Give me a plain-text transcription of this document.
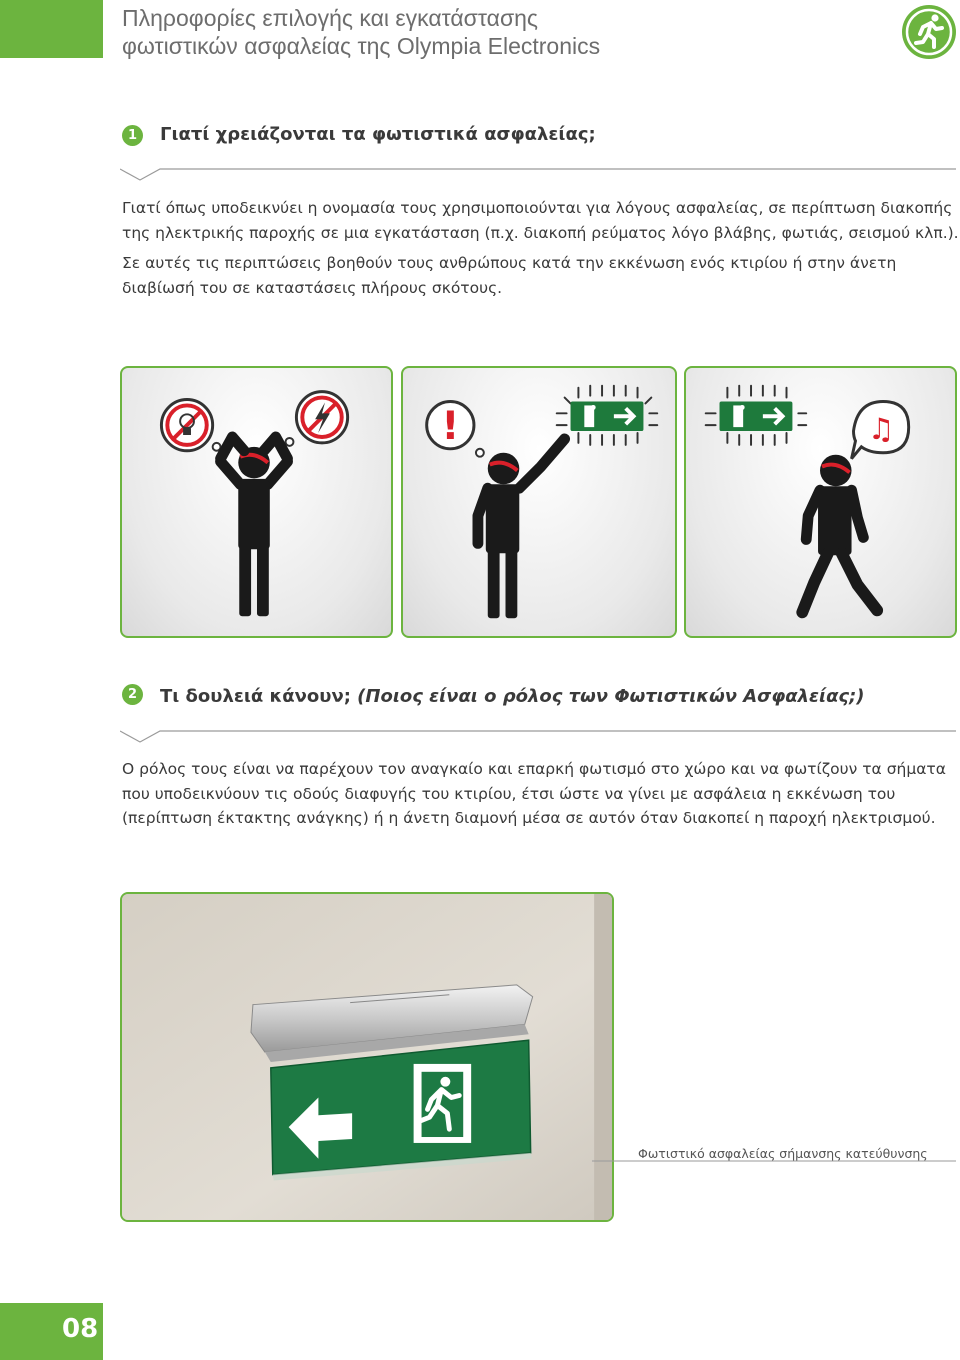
Πληροφορίες επιλογής και εγκατάστασης
φωτιστικών ασφαλείας της Olympia Electronics
1	Γιατί χρειάζονται τα φωτιστικά ασφαλείας;

Γιατί όπως υποδεικνύει η ονομασία τους χρησιμοποιούνται για λόγους ασφαλείας, σε περίπτωση διακοπής της ηλεκτρικής παροχής σε μια εγκατάσταση (π.χ. διακοπή ρεύματος λόγο βλάβης, φωτιάς, σεισμού κλπ.).

Σε αυτές τις περιπτώσεις βοηθούν τους ανθρώπους κατά την εκκένωση ενός κτιρίου ή στην άνετη διαβίωσή του σε καταστάσεις πλήρους σκότους.

!	♫
2	Τι δουλειά κάνουν; (Ποιος είναι ο ρόλος των Φωτιστικών Ασφαλείας;)

Ο ρόλος τους είναι να παρέχουν τον αναγκαίο και επαρκή φωτισμό στο χώρο και να φωτίζουν τα σήματα που υποδεικνύουν τις οδούς διαφυγής του κτιρίου, έτσι ώστε να γίνει με ασφάλεια η εκκένωση του (περίπτωση έκτακτης ανάγκης) ή η άνετη διαμονή μέσα σε αυτόν όταν διακοπεί η παροχή ηλεκτρισμού.

Φωτιστικό ασφαλείας σήμανσης κατεύθυνσης
08
